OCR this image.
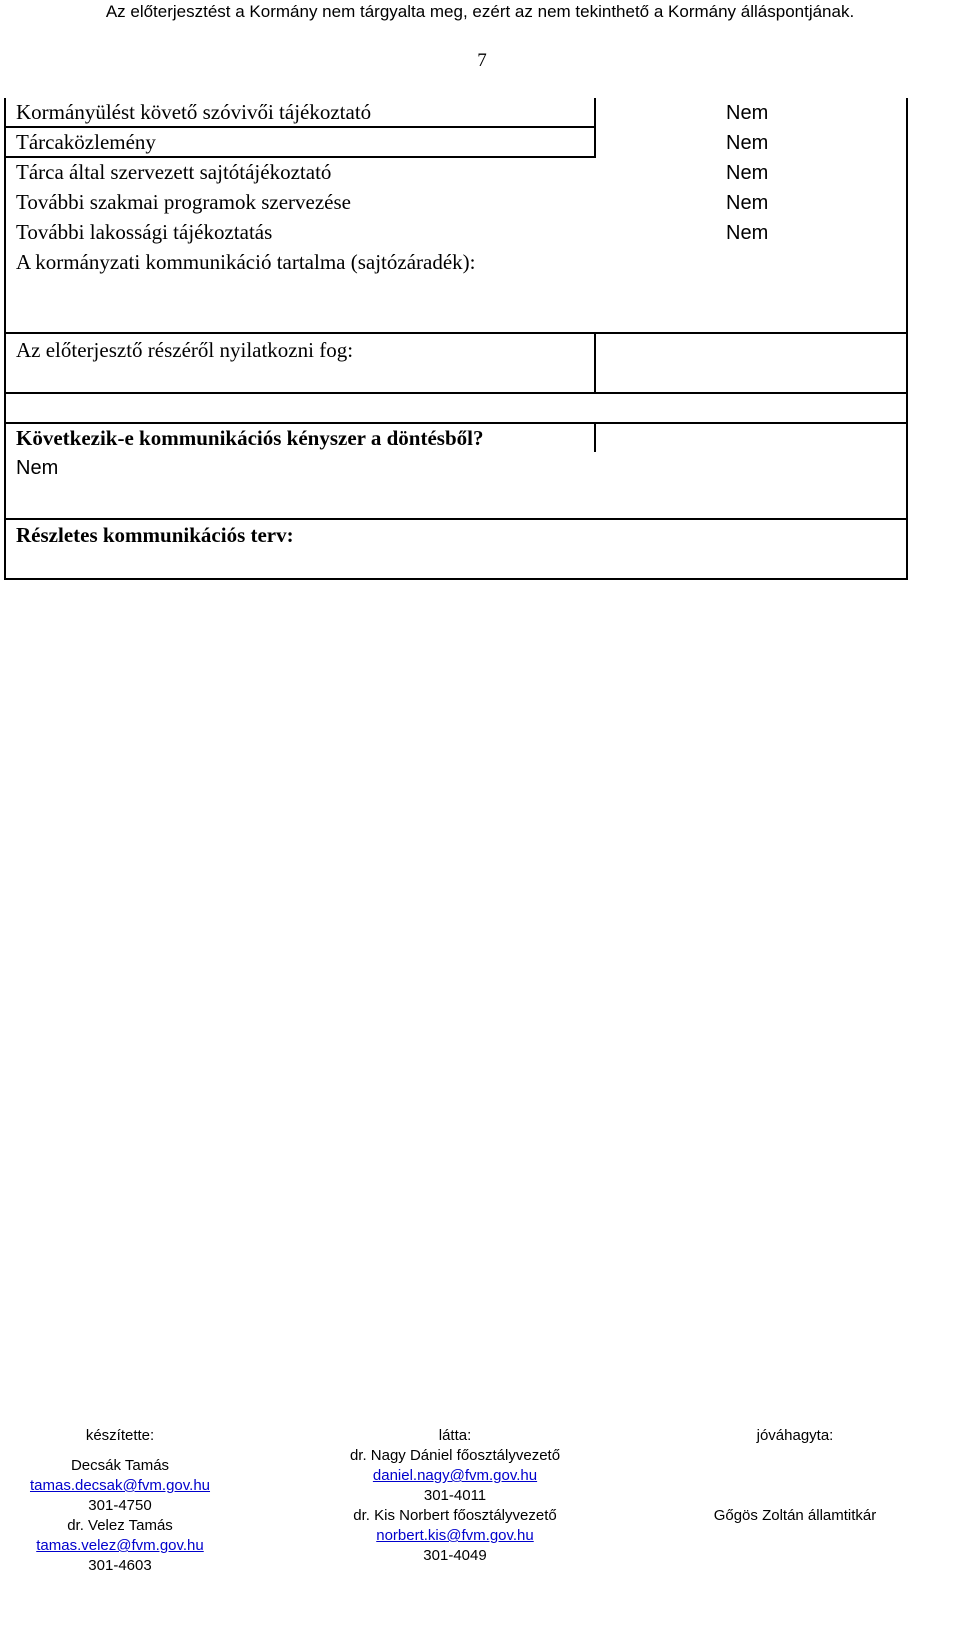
Az előterjesztést a Kormány nem tárgyalta meg, ezért az nem tekinthető a Kormány álláspontjának.
7
Kormányülést követő szóvivői tájékoztató
Tárcaközlemény
Tárca által szervezett sajtótájékoztató
További szakmai programok szervezése
További lakossági tájékoztatás
A kormányzati kommunikáció tartalma (sajtózáradék):
Nem
Nem
Nem
Nem
Nem
Az előterjesztő részéről nyilatkozni fog:
Következik-e kommunikációs kényszer a döntésből?
Nem
Részletes kommunikációs terv:
készítette:
Decsák Tamás
tamas.decsak@fvm.gov.hu
301-4750
dr. Velez Tamás
tamas.velez@fvm.gov.hu
301-4603
látta:
dr. Nagy Dániel főosztályvezető
daniel.nagy@fvm.gov.hu
301-4011
dr. Kis Norbert főosztályvezető
norbert.kis@fvm.gov.hu
301-4049
jóváhagyta:
Gőgös Zoltán államtitkár
